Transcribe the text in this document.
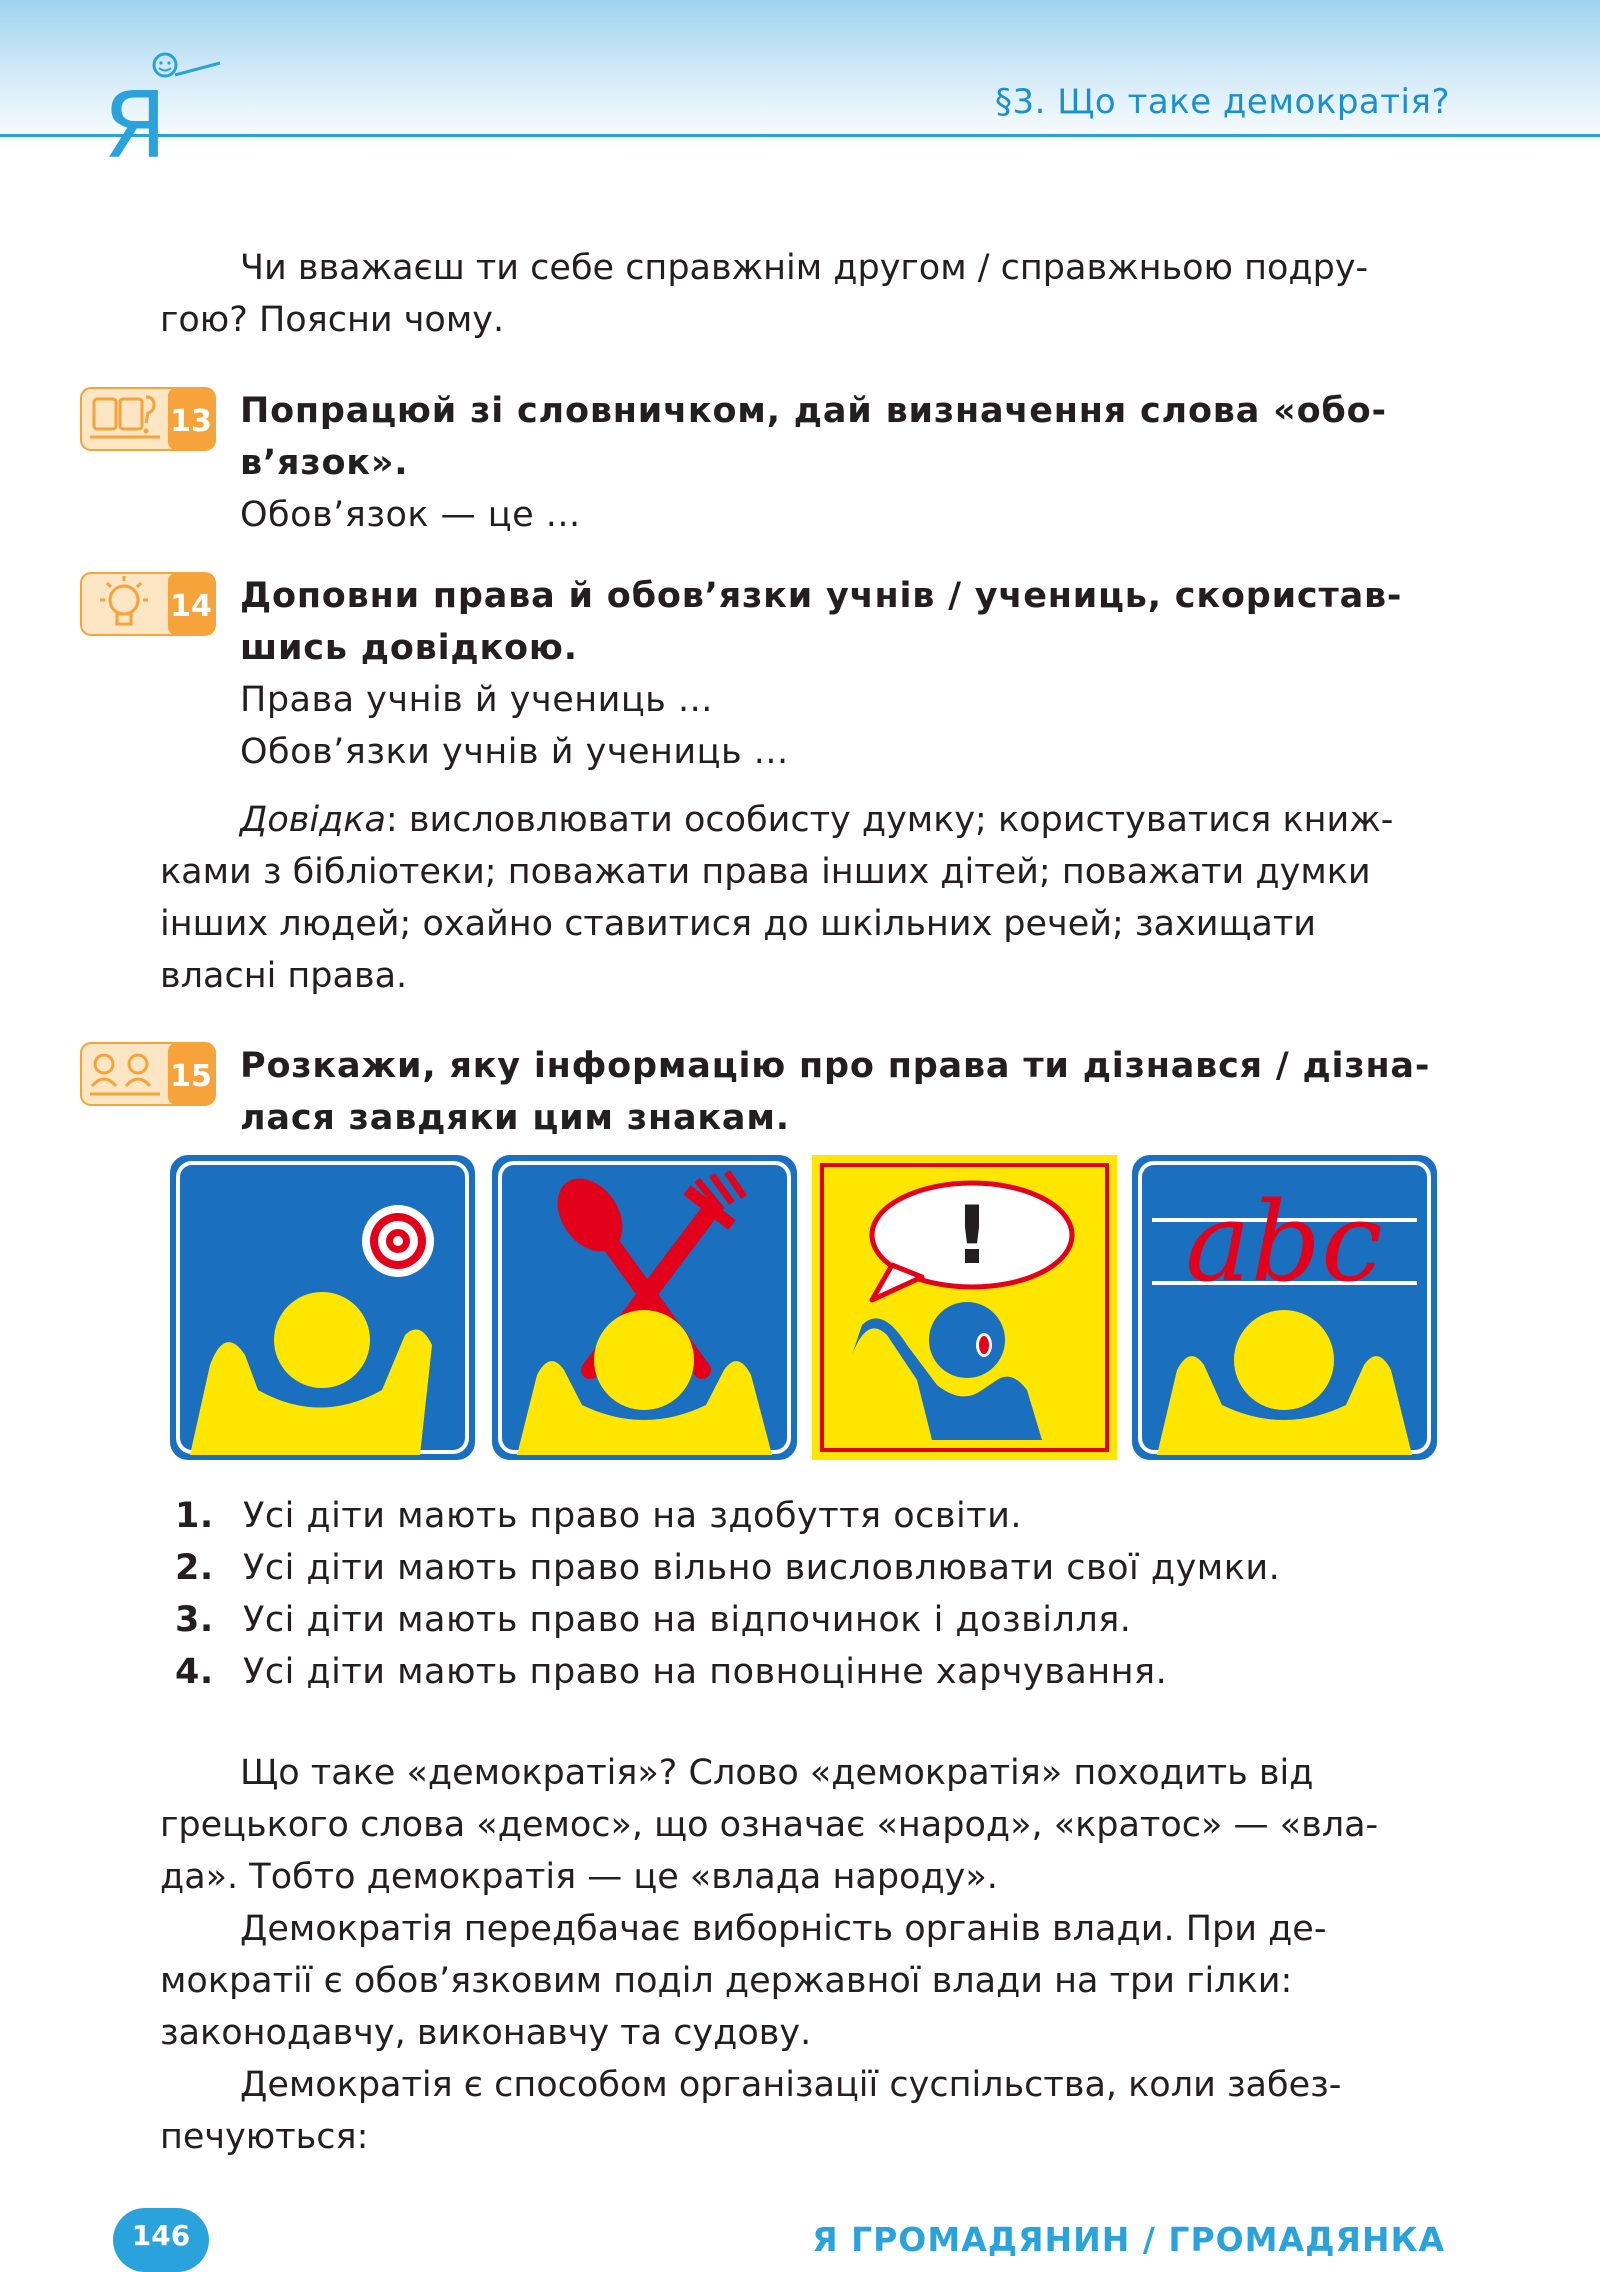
Я	§3. Що таке демократія?
Чи вважаєш ти себе справжнім другом / справжньою подру-
гою? Поясни чому.
13 Попрацюй зі словничком, дай визначення слова «обо-
в’язок».
Обов’язок — це ...
14 Доповни права й обов’язки учнів / учениць, скористав-
шись довідкою.
Права учнів й учениць ...
Обов’язки учнів й учениць ...
Довідка: висловлювати особисту думку; користуватися книж-
ками з бібліотеки; поважати права інших дітей; поважати думки
інших людей; охайно ставитися до шкільних речей; захищати
власні права.
15 Розкажи, яку інформацію про права ти дізнався / дізна-
лася завдяки цим знакам.
! abc
1. Усі діти мають право на здобуття освіти.
2. Усі діти мають право вільно висловлювати свої думки.
3. Усі діти мають право на відпочинок і дозвілля.
4. Усі діти мають право на повноцінне харчування.
Що таке «демократія»? Слово «демократія» походить від
грецького слова «демос», що означає «народ», «кратос» — «вла-
да». Тобто демократія — це «влада народу».
Демократія передбачає виборність органів влади. При де-
мократії є обов’язковим поділ державної влади на три гілки:
законодавчу, виконавчу та судову.
Демократія є способом організації суспільства, коли забез-
печуються:
146	Я ГРОМАДЯНИН / ГРОМАДЯНКА
